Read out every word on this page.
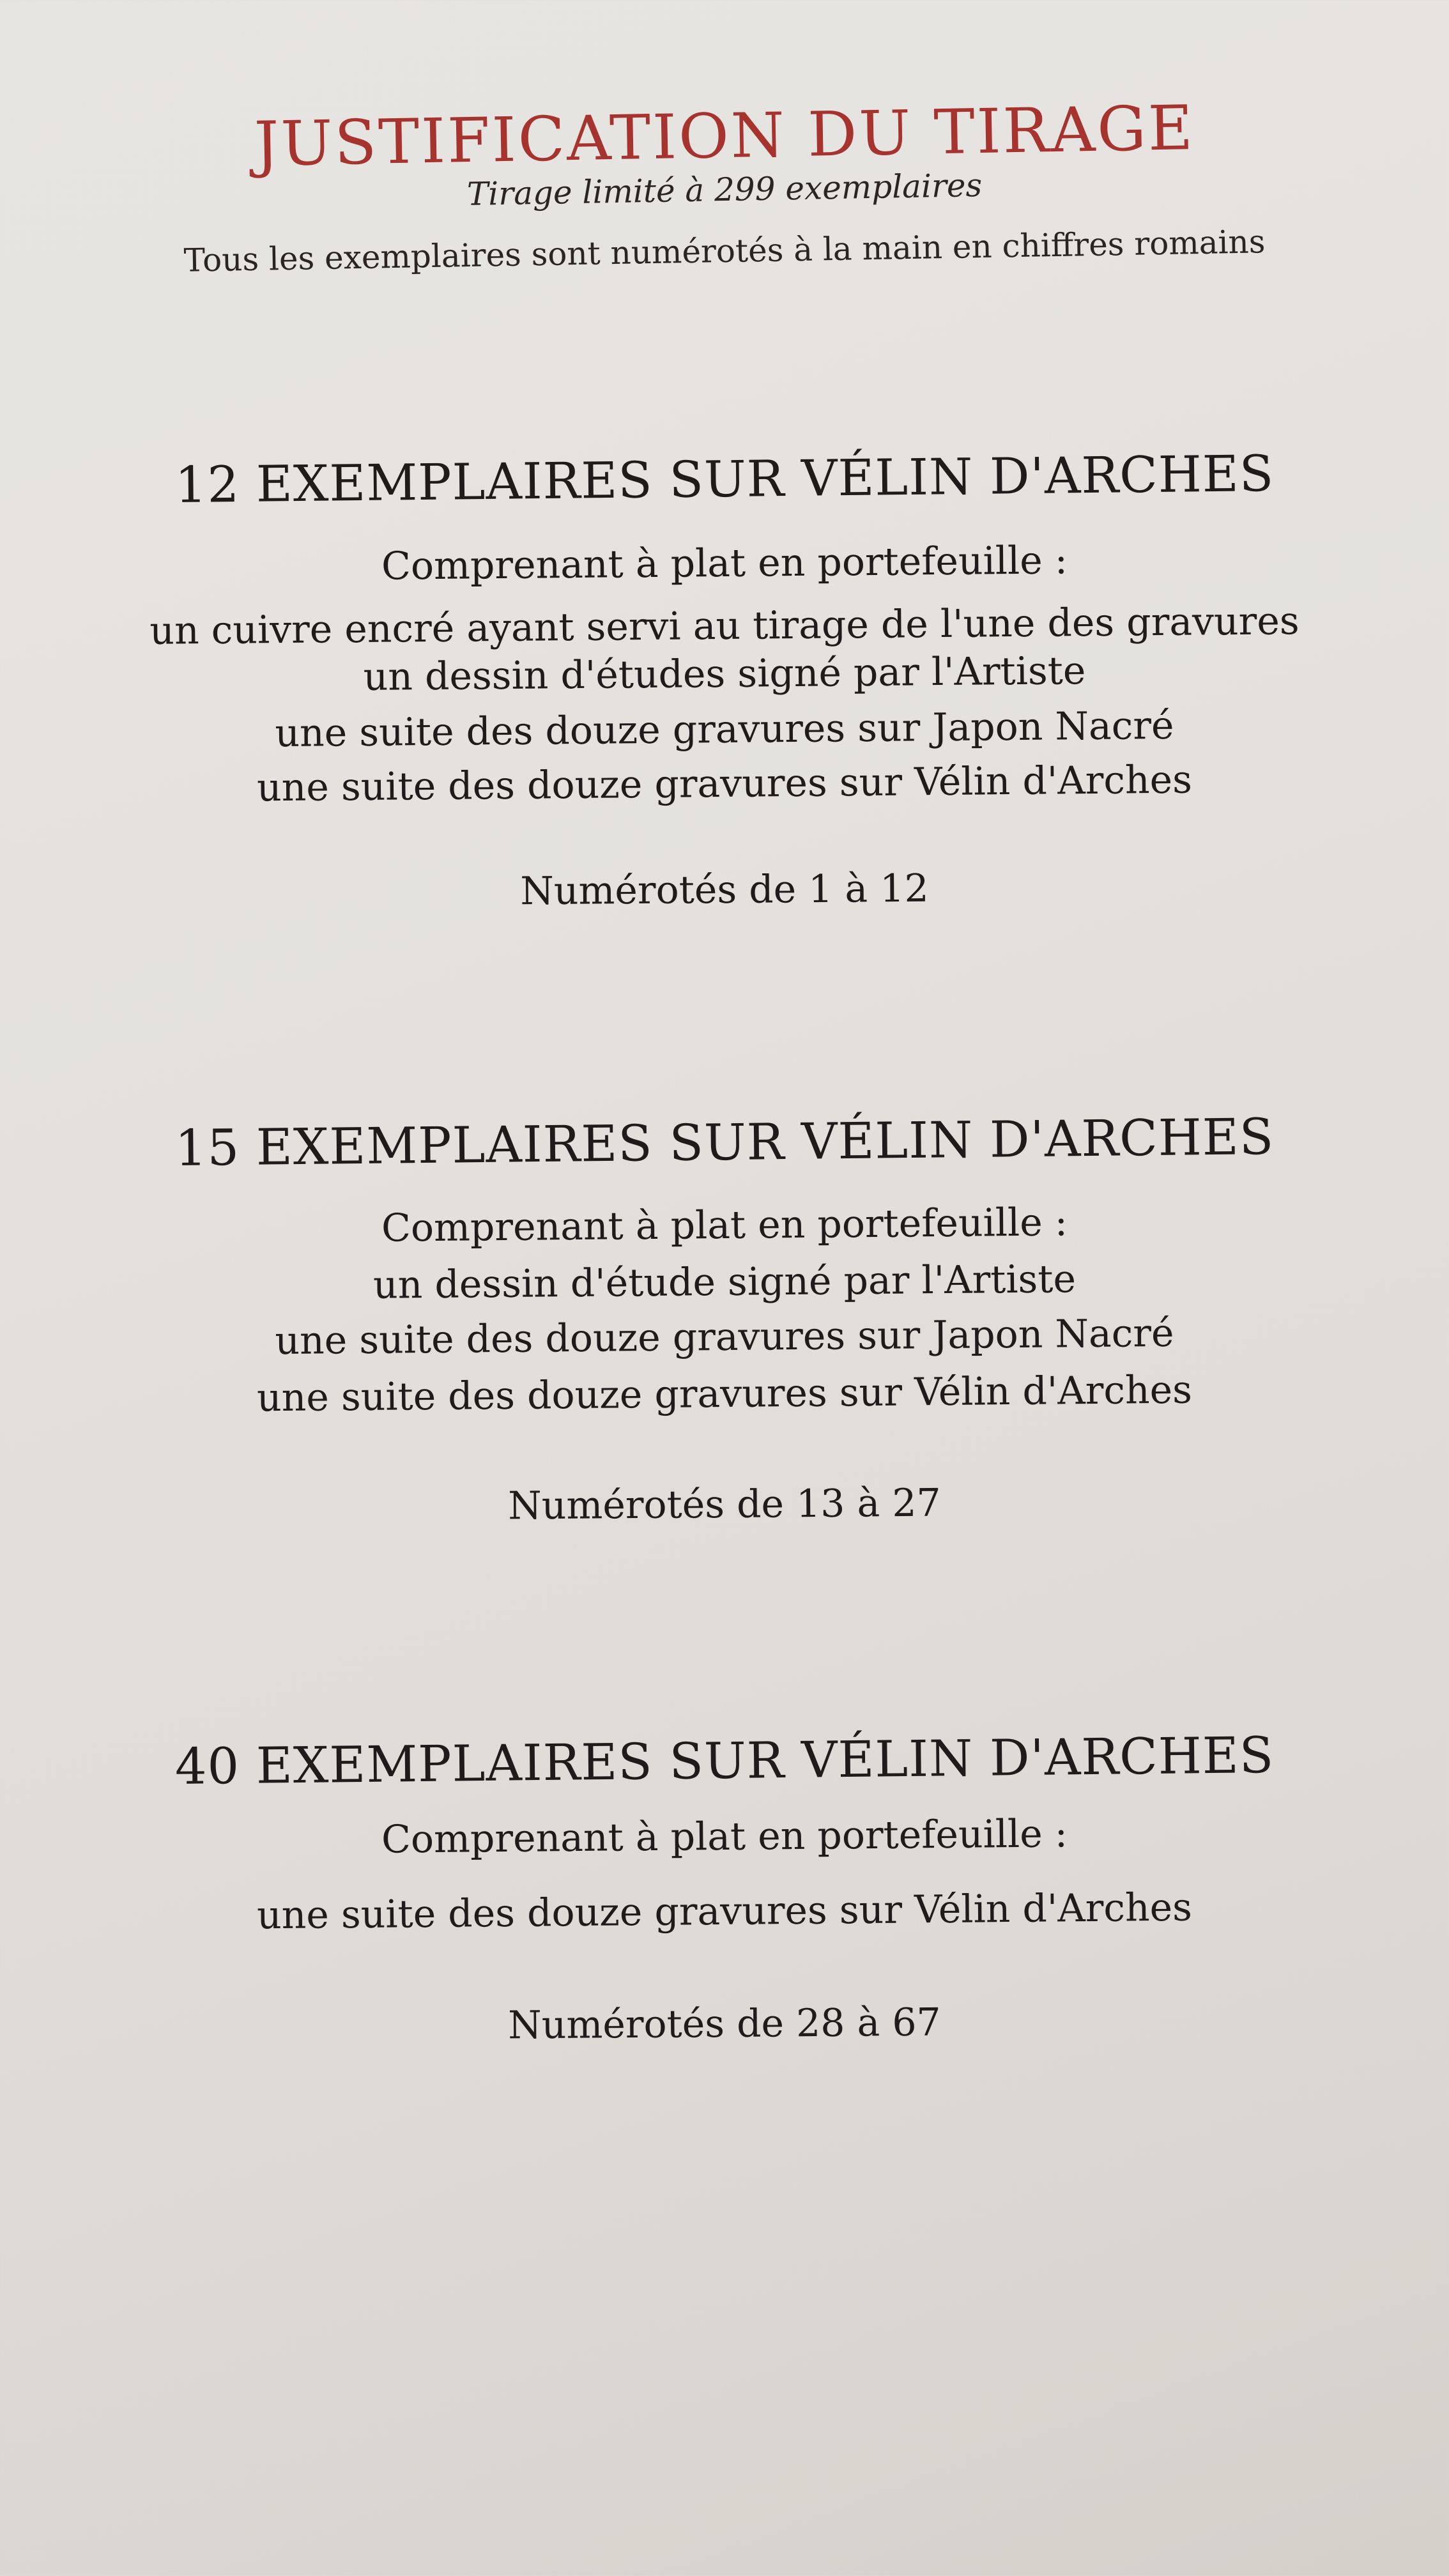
JUSTIFICATION DU TIRAGE
Tirage limité à 299 exemplaires
Tous les exemplaires sont numérotés à la main en chiffres romains
12 EXEMPLAIRES SUR VÉLIN D'ARCHES
Comprenant à plat en portefeuille :
un cuivre encré ayant servi au tirage de l'une des gravures
un dessin d'études signé par l'Artiste
une suite des douze gravures sur Japon Nacré
une suite des douze gravures sur Vélin d'Arches
Numérotés de 1 à 12
15 EXEMPLAIRES SUR VÉLIN D'ARCHES
Comprenant à plat en portefeuille :
un dessin d'étude signé par l'Artiste
une suite des douze gravures sur Japon Nacré
une suite des douze gravures sur Vélin d'Arches
Numérotés de 13 à 27
40 EXEMPLAIRES SUR VÉLIN D'ARCHES
Comprenant à plat en portefeuille :
une suite des douze gravures sur Vélin d'Arches
Numérotés de 28 à 67
